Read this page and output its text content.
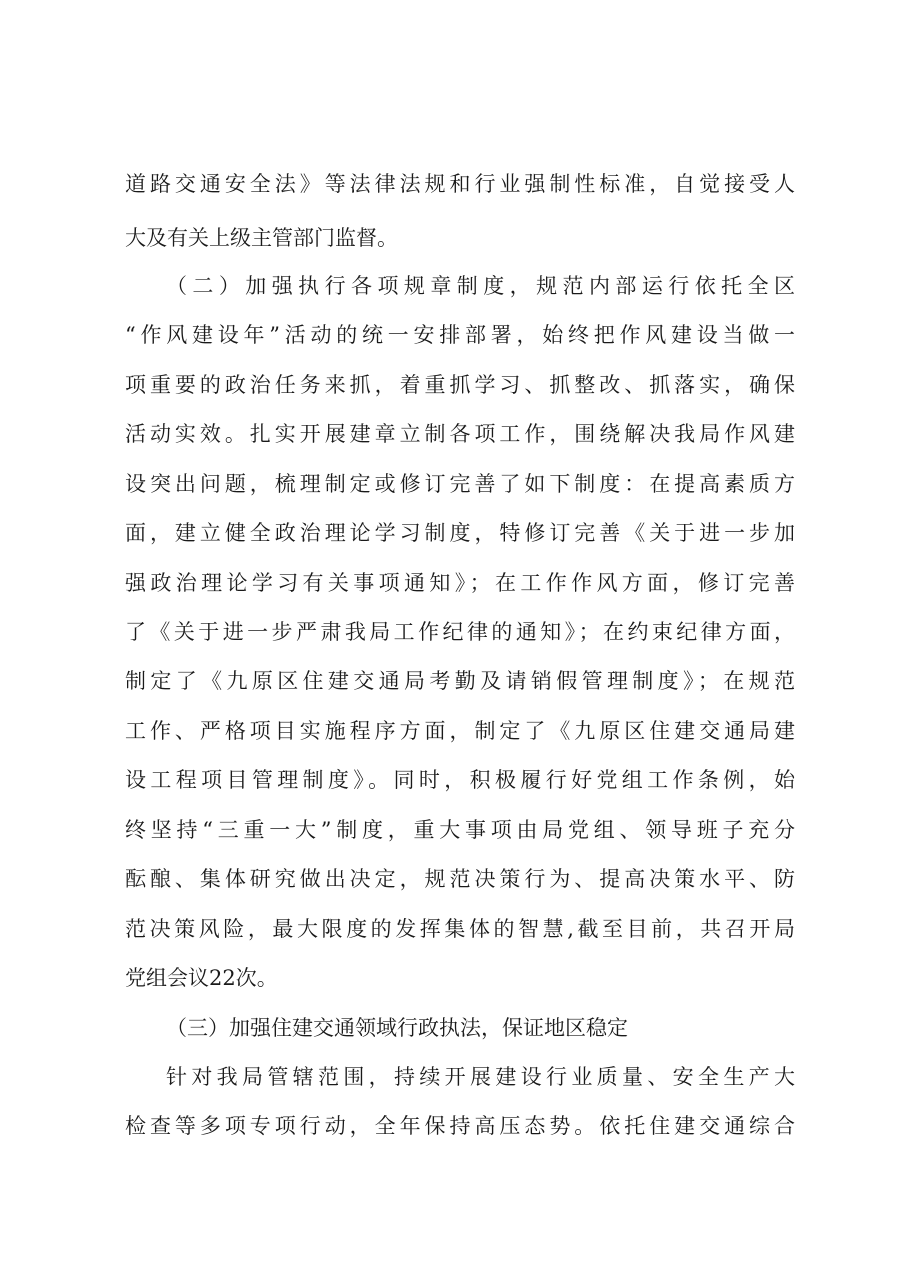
道路交通安全法》等法律法规和行业强制性标准，自觉接受人
大及有关上级主管部门监督。
（二）加强执行各项规章制度，规范内部运行依托全区
“作风建设年”活动的统一安排部署，始终把作风建设当做一
项重要的政治任务来抓，着重抓学习、抓整改、抓落实，确保
活动实效。扎实开展建章立制各项工作，围绕解决我局作风建
设突出问题，梳理制定或修订完善了如下制度：在提高素质方
面，建立健全政治理论学习制度，特修订完善《关于进一步加
强政治理论学习有关事项通知》；在工作作风方面，修订完善
了《关于进一步严肃我局工作纪律的通知》；在约束纪律方面，
制定了《九原区住建交通局考勤及请销假管理制度》；在规范
工作、严格项目实施程序方面，制定了《九原区住建交通局建
设工程项目管理制度》。同时，积极履行好党组工作条例，始
终坚持“三重一大”制度，重大事项由局党组、领导班子充分
酝酿、集体研究做出决定，规范决策行为、提高决策水平、防
范决策风险，最大限度的发挥集体的智慧,截至目前，共召开局
党组会议22次。
（三）加强住建交通领域行政执法，保证地区稳定
针对我局管辖范围，持续开展建设行业质量、安全生产大
检查等多项专项行动，全年保持高压态势。依托住建交通综合
